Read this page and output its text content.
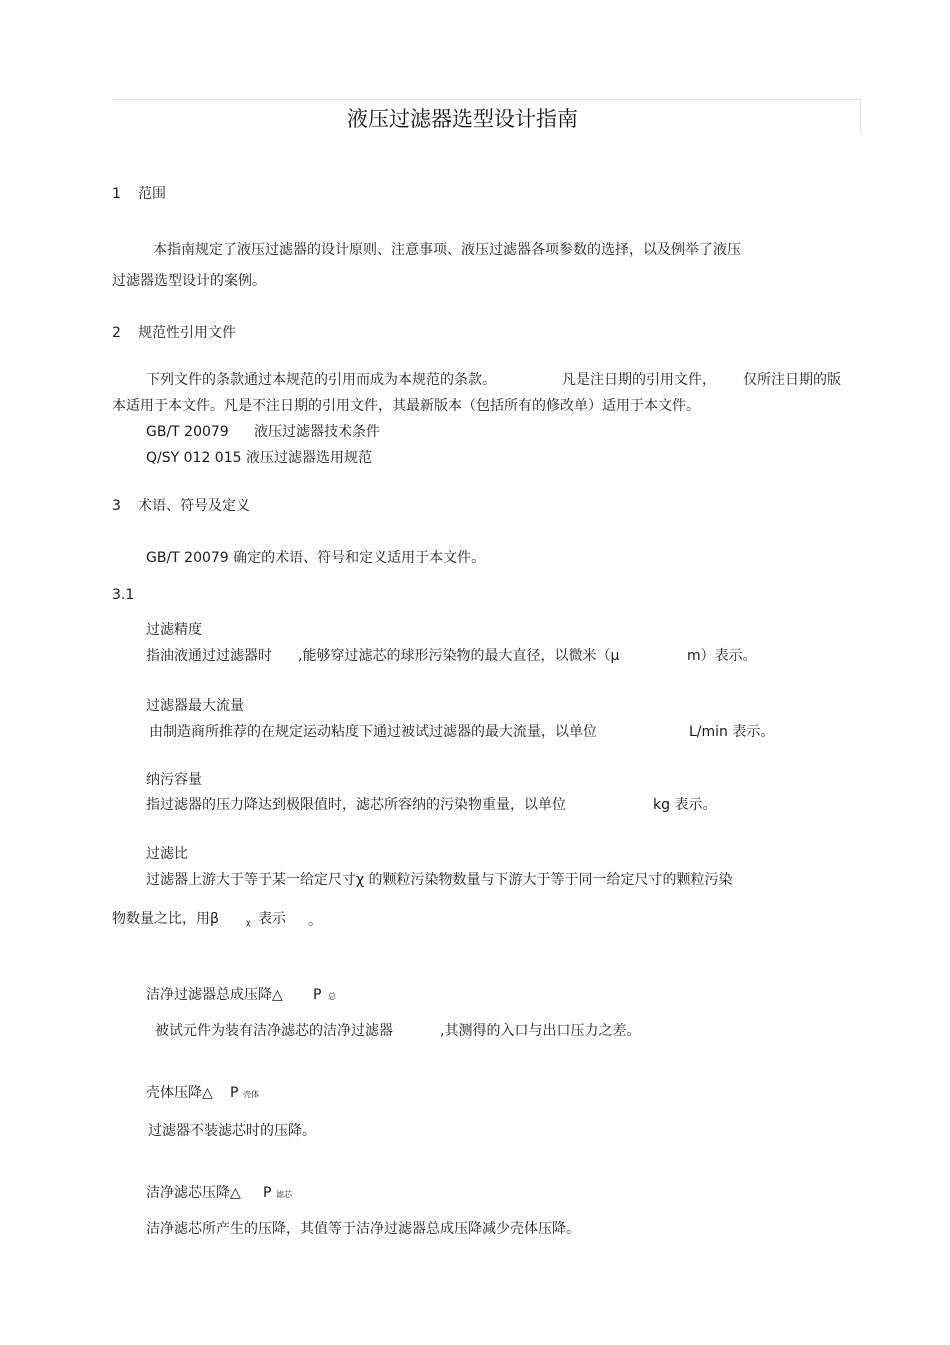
液压过滤器选型设计指南
1 范围
本指南规定了液压过滤器的设计原则、注意事项、液压过滤器各项参数的选择，以及例举了液压
过滤器选型设计的案例。
2 规范性引用文件
下列文件的条款通过本规范的引用而成为本规范的条款。	凡是注日期的引用文件， 仅所注日期的版
本适用于本文件。凡是不注日期的引用文件，其最新版本（包括所有的修改单）适用于本文件。
GB/T 20079 液压过滤器技术条件
Q/SY 012 015 液压过滤器选用规范
3 术语、符号及定义
GB/T 20079 确定的术语、符号和定义适用于本文件。
3.1
过滤精度
指油液通过过滤器时 ,能够穿过滤芯的球形污染物的最大直径，以微米（μ	m）表示。
过滤器最大流量
由制造商所推荐的在规定运动粘度下通过被试过滤器的最大流量，以单位	L/min 表示。
纳污容量
指过滤器的压力降达到极限值时，滤芯所容纳的污染物重量，以单位	kg 表示。
过滤比
过滤器上游大于等于某一给定尺寸χ 的颗粒污染物数量与下游大于等于同一给定尺寸的颗粒污染
物数量之比，用β	χ 表示 。
洁净过滤器总成压降△ P 总
被试元件为装有洁净滤芯的洁净过滤器	,其测得的入口与出口压力之差。
壳体压降△ P 壳体
过滤器不装滤芯时的压降。
洁净滤芯压降△ P 滤芯
洁净滤芯所产生的压降，其值等于洁净过滤器总成压降减少壳体压降。
